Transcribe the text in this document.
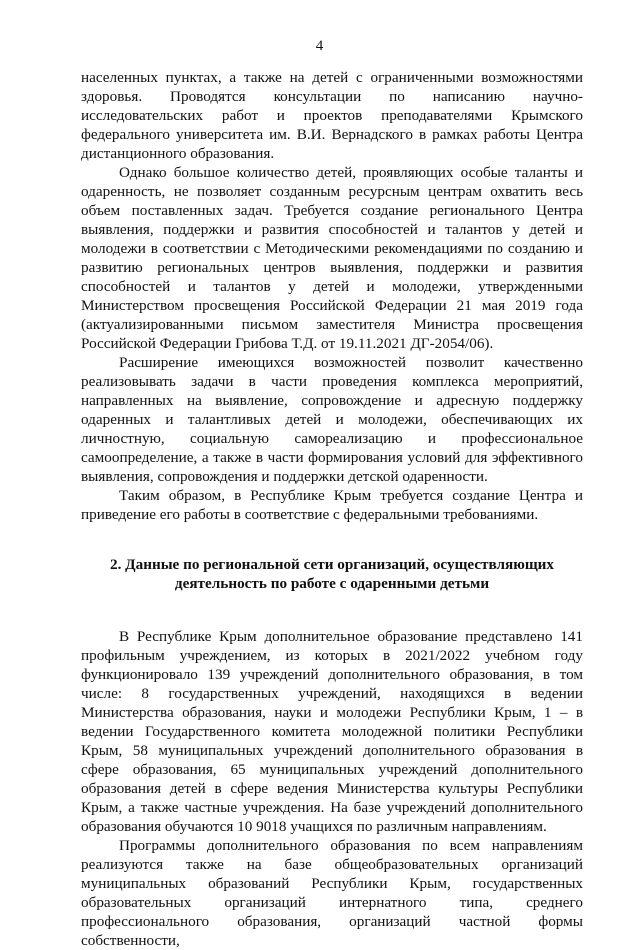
4

населенных пунктах, а также на детей с ограниченными возможностями здоровья. Проводятся консультации по написанию научно-исследовательских работ и проектов преподавателями Крымского федерального университета им. В.И. Вернадского в рамках работы Центра дистанционного образования.

Однако большое количество детей, проявляющих особые таланты и одаренность, не позволяет созданным ресурсным центрам охватить весь объем поставленных задач. Требуется создание регионального Центра выявления, поддержки и развития способностей и талантов у детей и молодежи в соответствии с Методическими рекомендациями по созданию и развитию региональных центров выявления, поддержки и развития способностей и талантов у детей и молодежи, утвержденными Министерством просвещения Российской Федерации 21 мая 2019 года (актуализированными письмом заместителя Министра просвещения Российской Федерации Грибова Т.Д. от 19.11.2021 ДГ-2054/06).

Расширение имеющихся возможностей позволит качественно реализовывать задачи в части проведения комплекса мероприятий, направленных на выявление, сопровождение и адресную поддержку одаренных и талантливых детей и молодежи, обеспечивающих их личностную, социальную самореализацию и профессиональное самоопределение, а также в части формирования условий для эффективного выявления, сопровождения и поддержки детской одаренности.

Таким образом, в Республике Крым требуется создание Центра и приведение его работы в соответствие с федеральными требованиями.

2. Данные по региональной сети организаций, осуществляющих деятельность по работе с одаренными детьми

В Республике Крым дополнительное образование представлено 141 профильным учреждением, из которых в 2021/2022 учебном году функционировало 139 учреждений дополнительного образования, в том числе: 8 государственных учреждений, находящихся в ведении Министерства образования, науки и молодежи Республики Крым, 1 – в ведении Государственного комитета молодежной политики Республики Крым, 58 муниципальных учреждений дополнительного образования в сфере образования, 65 муниципальных учреждений дополнительного образования детей в сфере ведения Министерства культуры Республики Крым, а также частные учреждения. На базе учреждений дополнительного образования обучаются 10 9018 учащихся по различным направлениям.

Программы дополнительного образования по всем направлениям реализуются также на базе общеобразовательных организаций муниципальных образований Республики Крым, государственных образовательных организаций интернатного типа, среднего профессионального образования, организаций частной формы собственности,
